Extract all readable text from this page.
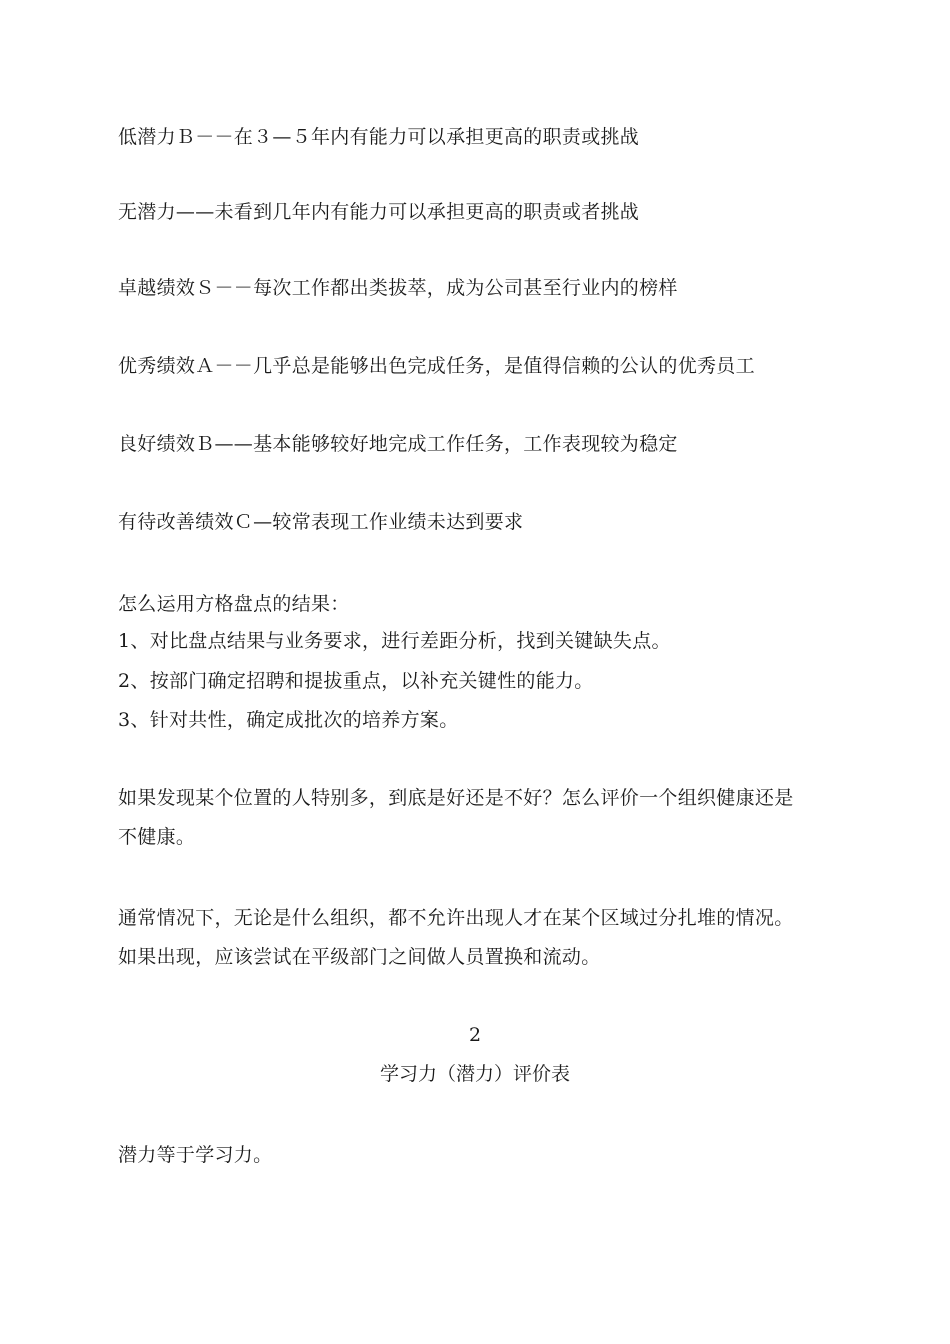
低潜力Ｂ－－在３—５年内有能力可以承担更高的职责或挑战
无潜力——未看到几年内有能力可以承担更高的职责或者挑战
卓越绩效Ｓ－－每次工作都出类拔萃，成为公司甚至行业内的榜样
优秀绩效Ａ－－几乎总是能够出色完成任务，是值得信赖的公认的优秀员工
良好绩效Ｂ——基本能够较好地完成工作任务，工作表现较为稳定
有待改善绩效Ｃ—较常表现工作业绩未达到要求
怎么运用方格盘点的结果：
1、对比盘点结果与业务要求，进行差距分析，找到关键缺失点。
2、按部门确定招聘和提拔重点，以补充关键性的能力。
3、针对共性，确定成批次的培养方案。
如果发现某个位置的人特别多，到底是好还是不好？怎么评价一个组织健康还是
不健康。
通常情况下，无论是什么组织，都不允许出现人才在某个区域过分扎堆的情况。
如果出现，应该尝试在平级部门之间做人员置换和流动。
2
学习力（潜力）评价表
潜力等于学习力。
